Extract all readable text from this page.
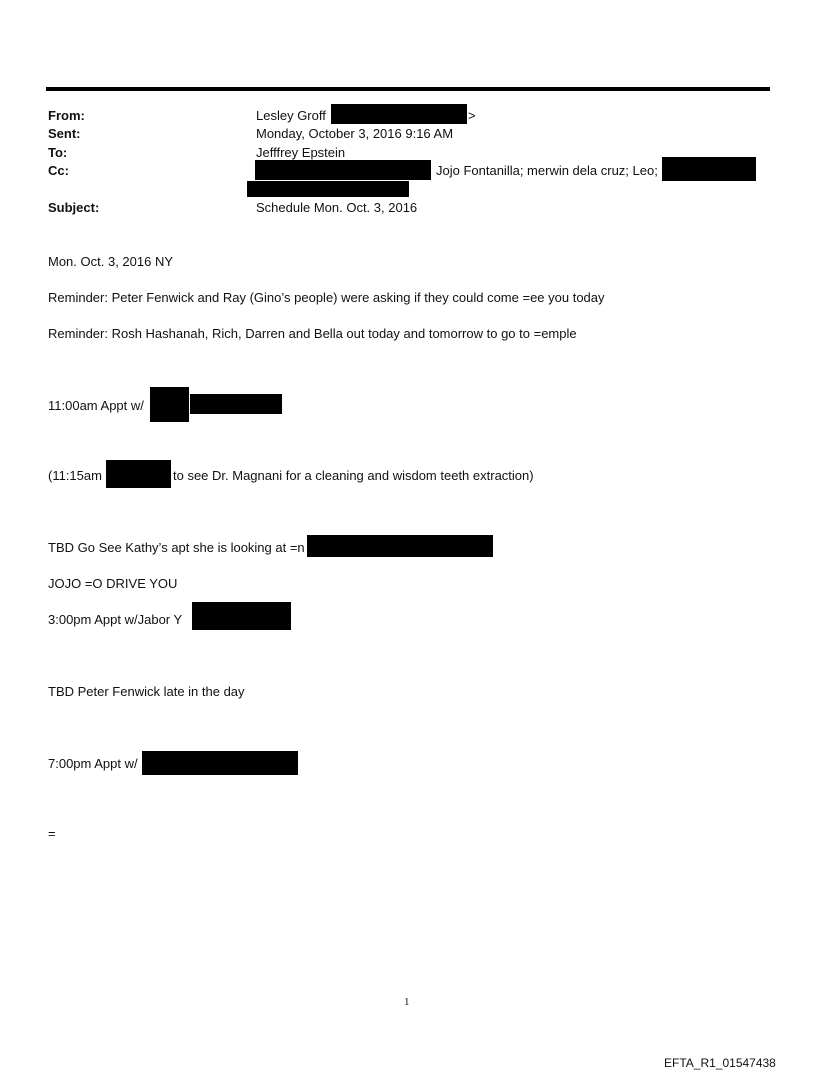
From:	Lesley Groff	>
Sent:	Monday, October 3, 2016 9:16 AM
To:	Jefffrey Epstein
Cc:	Jojo Fontanilla; merwin dela cruz; Leo;
Subject:	Schedule Mon. Oct. 3, 2016
Mon. Oct. 3, 2016 NY
Reminder: Peter Fenwick and Ray (Gino’s people) were asking if they could come =ee you today
Reminder: Rosh Hashanah, Rich, Darren and Bella out today and tomorrow to go to =emple
11:00am Appt w/
(11:15am	to see Dr. Magnani for a cleaning and wisdom teeth extraction)
TBD Go See Kathy’s apt she is looking at =n
JOJO =O DRIVE YOU
3:00pm Appt w/Jabor Y
TBD Peter Fenwick late in the day
7:00pm Appt w/
=
1
EFTA_R1_01547438
